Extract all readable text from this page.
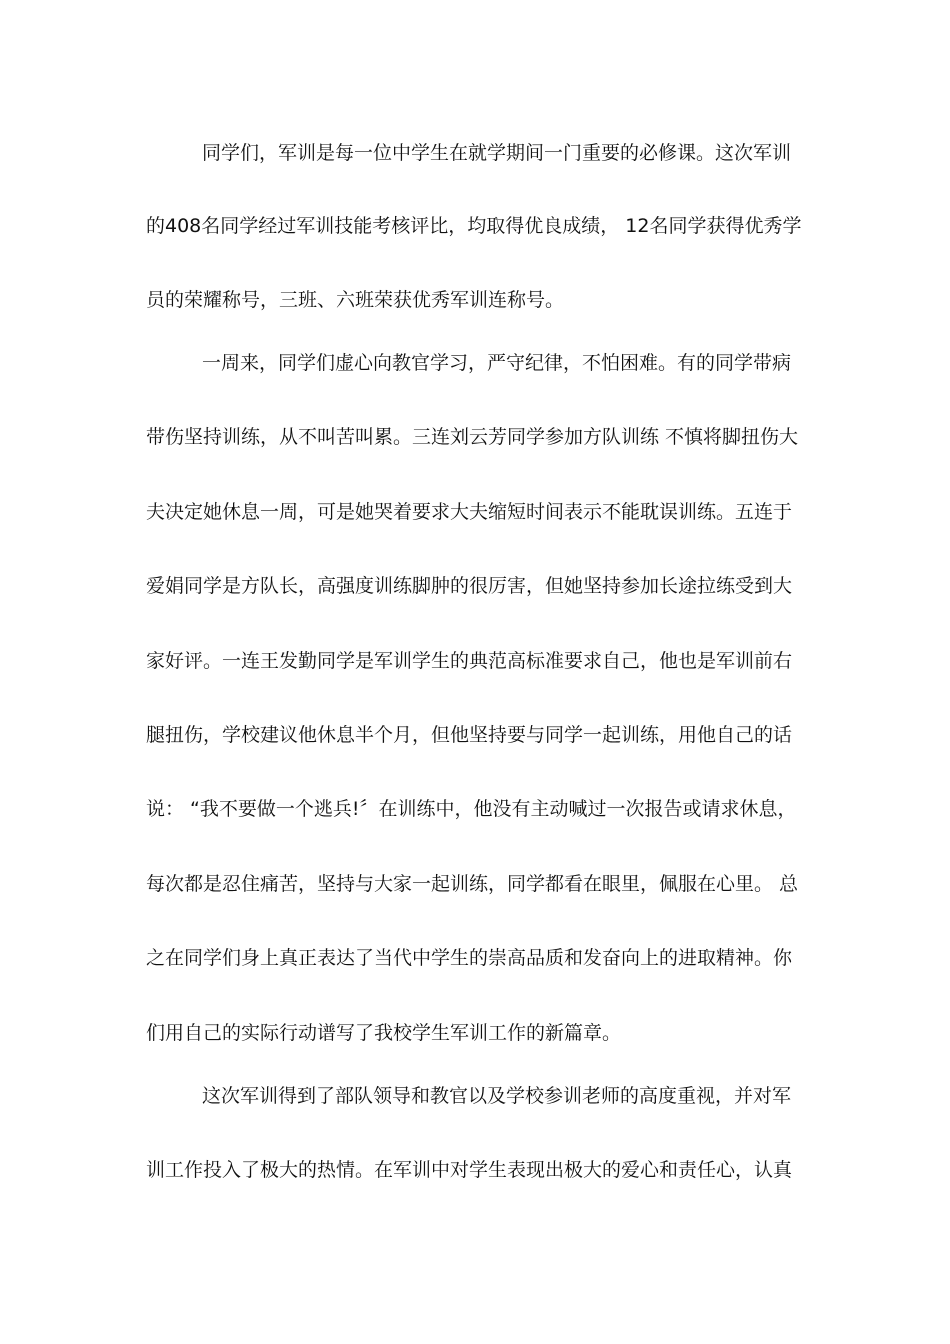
同学们，军训是每一位中学生在就学期间一门重要的必修课。这次军训
的408名同学经过军训技能考核评比，均取得优良成绩， 12名同学获得优秀学
员的荣耀称号，三班、六班荣获优秀军训连称号。
一周来，同学们虚心向教官学习，严守纪律，不怕困难。有的同学带病
带伤坚持训练，从不叫苦叫累。三连刘云芳同学参加方队训练 不慎将脚扭伤大
夫决定她休息一周，可是她哭着要求大夫缩短时间表示不能耽误训练。五连于
爱娟同学是方队长，高强度训练脚肿的很厉害，但她坚持参加长途拉练受到大
家好评。一连王发勤同学是军训学生的典范高标准要求自己，他也是军训前右
腿扭伤，学校建议他休息半个月，但他坚持要与同学一起训练，用他自己的话
说： “我不要做一个逃兵!〞在训练中，他没有主动喊过一次报告或请求休息，
每次都是忍住痛苦，坚持与大家一起训练，同学都看在眼里，佩服在心里。 总
之在同学们身上真正表达了当代中学生的崇高品质和发奋向上的进取精神。你
们用自己的实际行动谱写了我校学生军训工作的新篇章。
这次军训得到了部队领导和教官以及学校参训老师的高度重视，并对军
训工作投入了极大的热情。在军训中对学生表现出极大的爱心和责任心，认真
